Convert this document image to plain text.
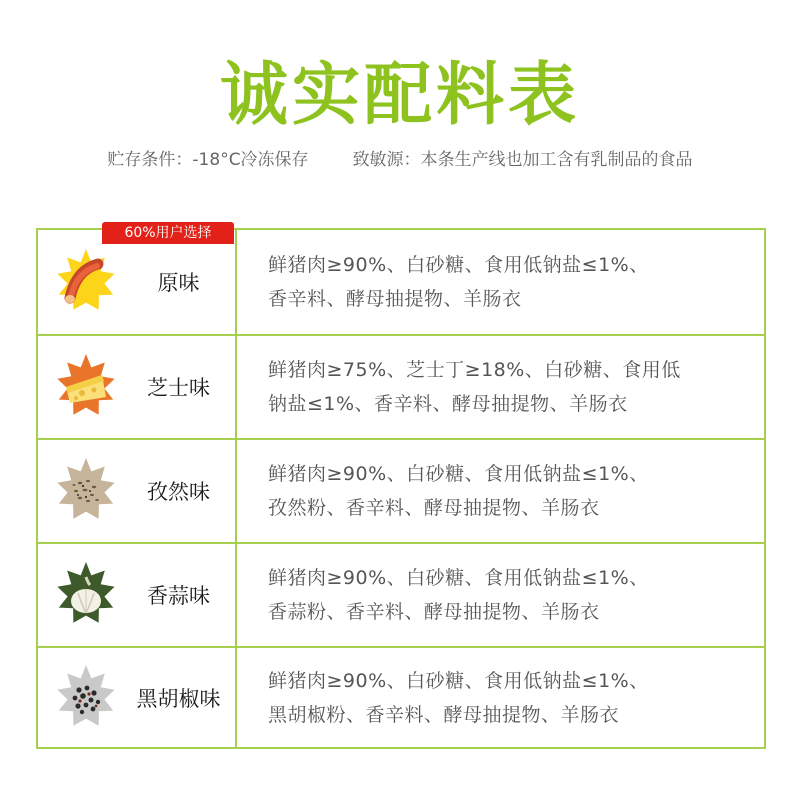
诚实配料表
贮存条件：-18°C冷冻保存	致敏源：本条生产线也加工含有乳制品的食品
原味
鲜猪肉≥90%、白砂糖、食用低钠盐≤1%、
香辛料、酵母抽提物、羊肠衣
芝士味
鲜猪肉≥75%、芝士丁≥18%、白砂糖、食用低
钠盐≤1%、香辛料、酵母抽提物、羊肠衣
孜然味
鲜猪肉≥90%、白砂糖、食用低钠盐≤1%、
孜然粉、香辛料、酵母抽提物、羊肠衣
香蒜味
鲜猪肉≥90%、白砂糖、食用低钠盐≤1%、
香蒜粉、香辛料、酵母抽提物、羊肠衣
黑胡椒味
鲜猪肉≥90%、白砂糖、食用低钠盐≤1%、
黑胡椒粉、香辛料、酵母抽提物、羊肠衣
60%用户选择
